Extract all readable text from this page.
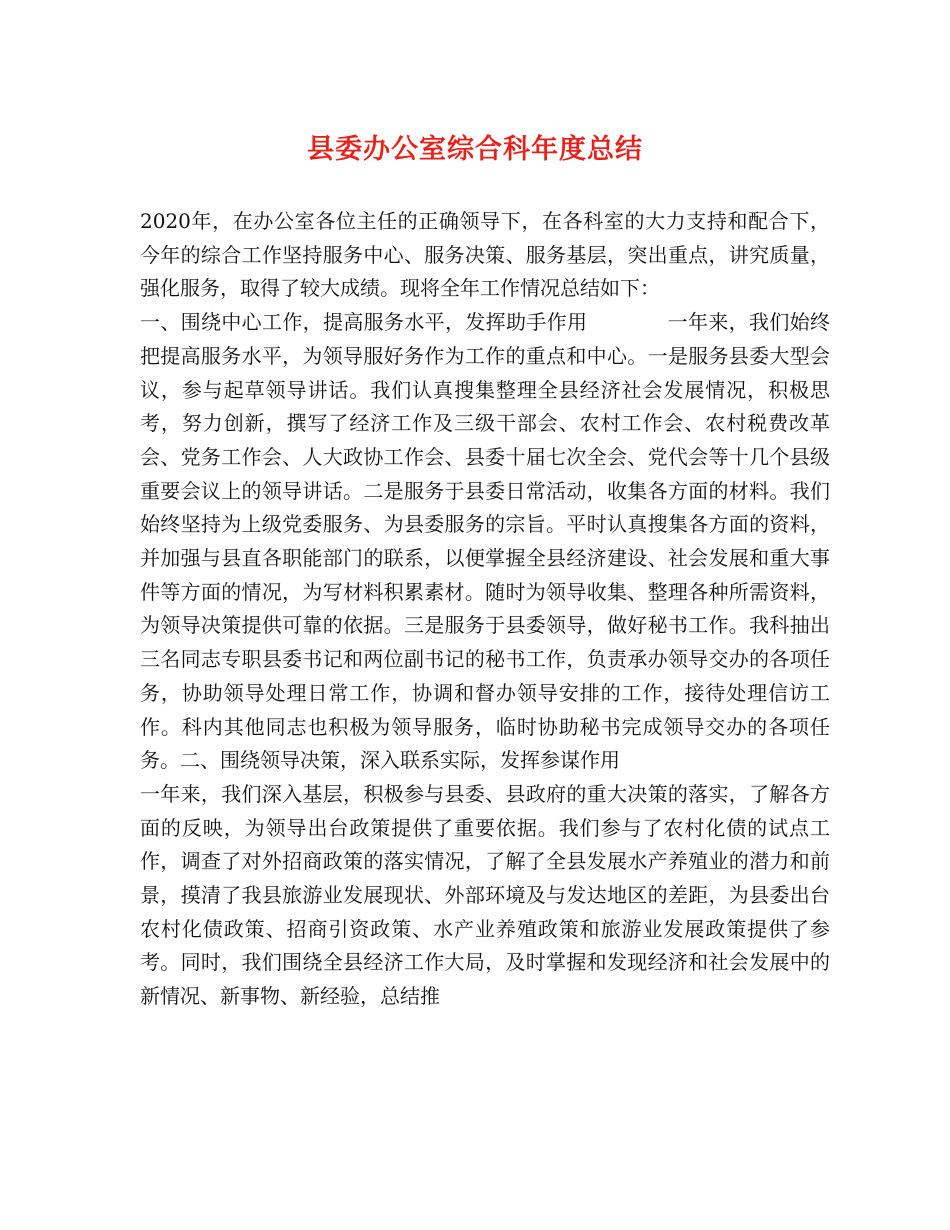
县委办公室综合科年度总结

2020年，在办公室各位主任的正确领导下，在各科室的大力支持和配合下，今年的综合工作坚持服务中心、服务决策、服务基层，突出重点，讲究质量，强化服务，取得了较大成绩。现将全年工作情况总结如下：
一、围绕中心工作，提高服务水平，发挥助手作用            一年来，我们始终把提高服务水平，为领导服好务作为工作的重点和中心。一是服务县委大型会议，参与起草领导讲话。我们认真搜集整理全县经济社会发展情况，积极思考，努力创新，撰写了经济工作及三级干部会、农村工作会、农村税费改革会、党务工作会、人大政协工作会、县委十届七次全会、党代会等十几个县级重要会议上的领导讲话。二是服务于县委日常活动，收集各方面的材料。我们始终坚持为上级党委服务、为县委服务的宗旨。平时认真搜集各方面的资料，并加强与县直各职能部门的联系，以便掌握全县经济建设、社会发展和重大事件等方面的情况，为写材料积累素材。随时为领导收集、整理各种所需资料，为领导决策提供可靠的依据。三是服务于县委领导，做好秘书工作。我科抽出三名同志专职县委书记和两位副书记的秘书工作，负责承办领导交办的各项任务，协助领导处理日常工作，协调和督办领导安排的工作，接待处理信访工作。科内其他同志也积极为领导服务，临时协助秘书完成领导交办的各项任务。二、围绕领导决策，深入联系实际，发挥参谋作用
一年来，我们深入基层，积极参与县委、县政府的重大决策的落实，了解各方面的反映，为领导出台政策提供了重要依据。我们参与了农村化债的试点工作，调查了对外招商政策的落实情况，了解了全县发展水产养殖业的潜力和前景，摸清了我县旅游业发展现状、外部环境及与发达地区的差距，为县委出台农村化债政策、招商引资政策、水产业养殖政策和旅游业发展政策提供了参考。同时，我们围绕全县经济工作大局，及时掌握和发现经济和社会发展中的新情况、新事物、新经验，总结推
